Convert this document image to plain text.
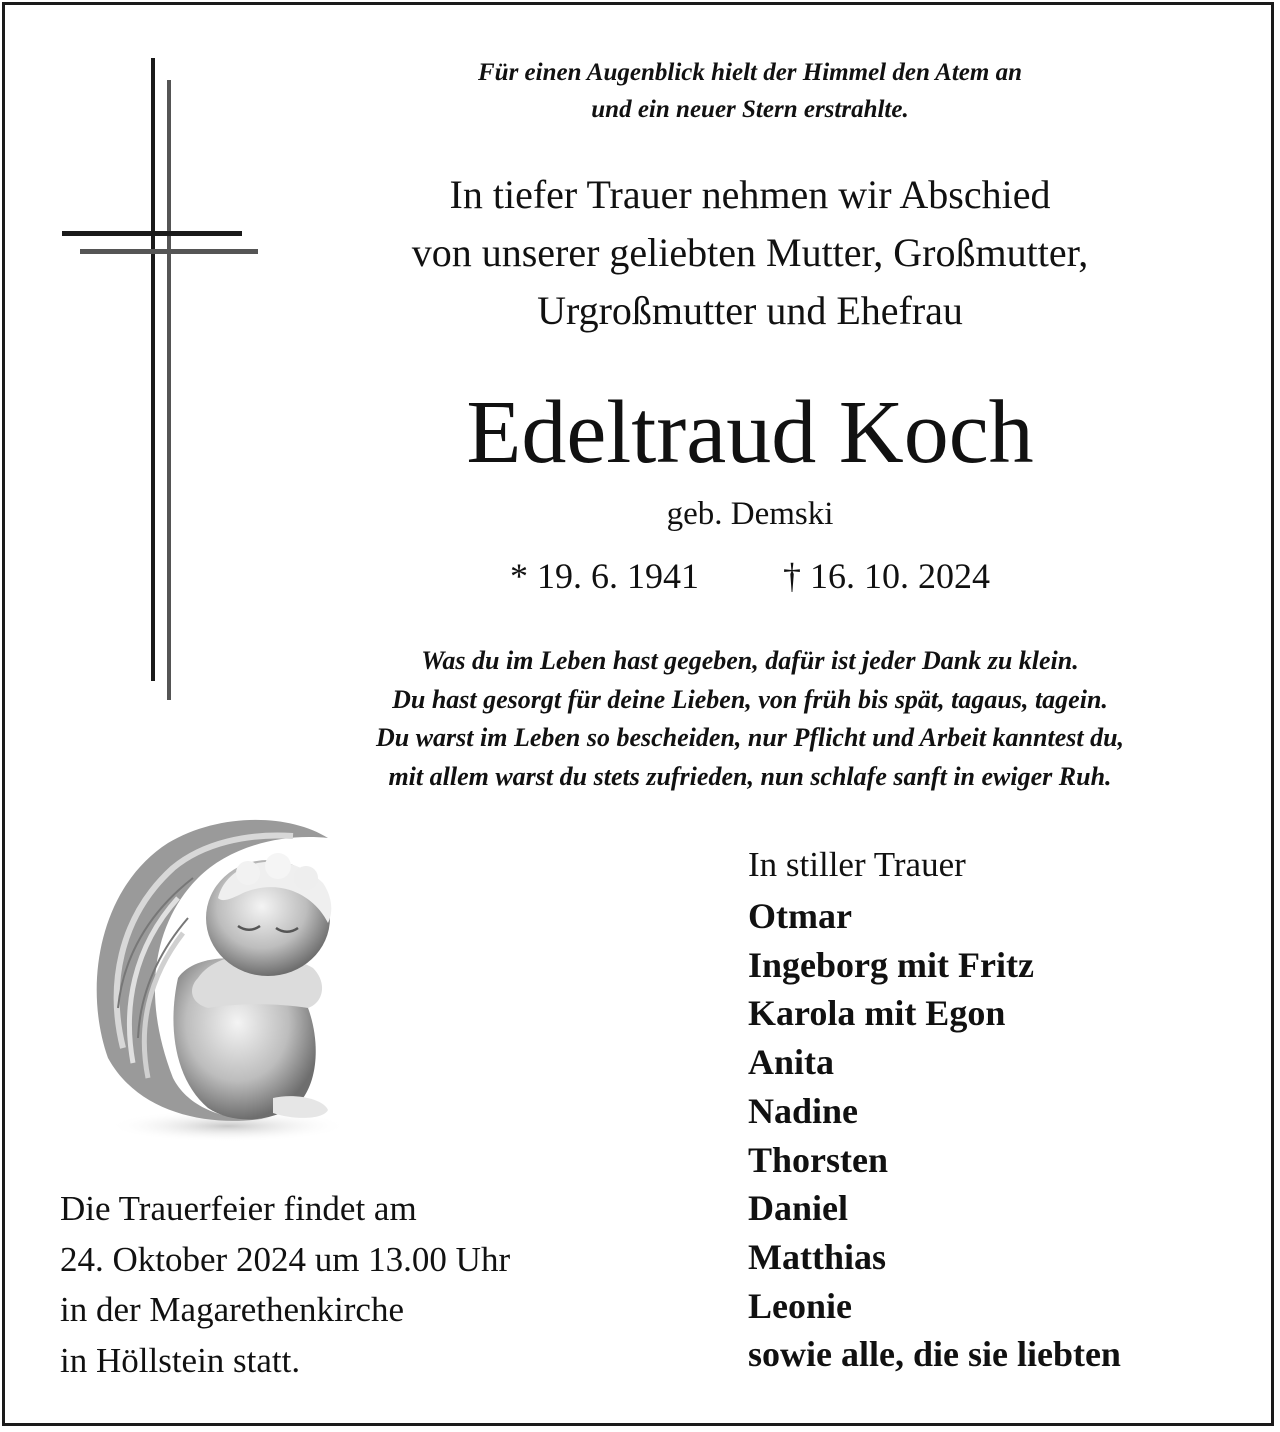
Für einen Augenblick hielt der Himmel den Atem an
und ein neuer Stern erstrahlte.
In tiefer Trauer nehmen wir Abschied
von unserer geliebten Mutter, Großmutter,
Urgroßmutter und Ehefrau
Edeltraud Koch
geb. Demski
* 19. 6. 1941 † 16. 10. 2024
Was du im Leben hast gegeben, dafür ist jeder Dank zu klein.
Du hast gesorgt für deine Lieben, von früh bis spät, tagaus, tagein.
Du warst im Leben so bescheiden, nur Pflicht und Arbeit kanntest du,
mit allem warst du stets zufrieden, nun schlafe sanft in ewiger Ruh.
Die Trauerfeier findet am
24. Oktober 2024 um 13.00 Uhr
in der Magarethenkirche
in Höllstein statt.
In stiller Trauer
Otmar
Ingeborg mit Fritz
Karola mit Egon
Anita
Nadine
Thorsten
Daniel
Matthias
Leonie
sowie alle, die sie liebten
